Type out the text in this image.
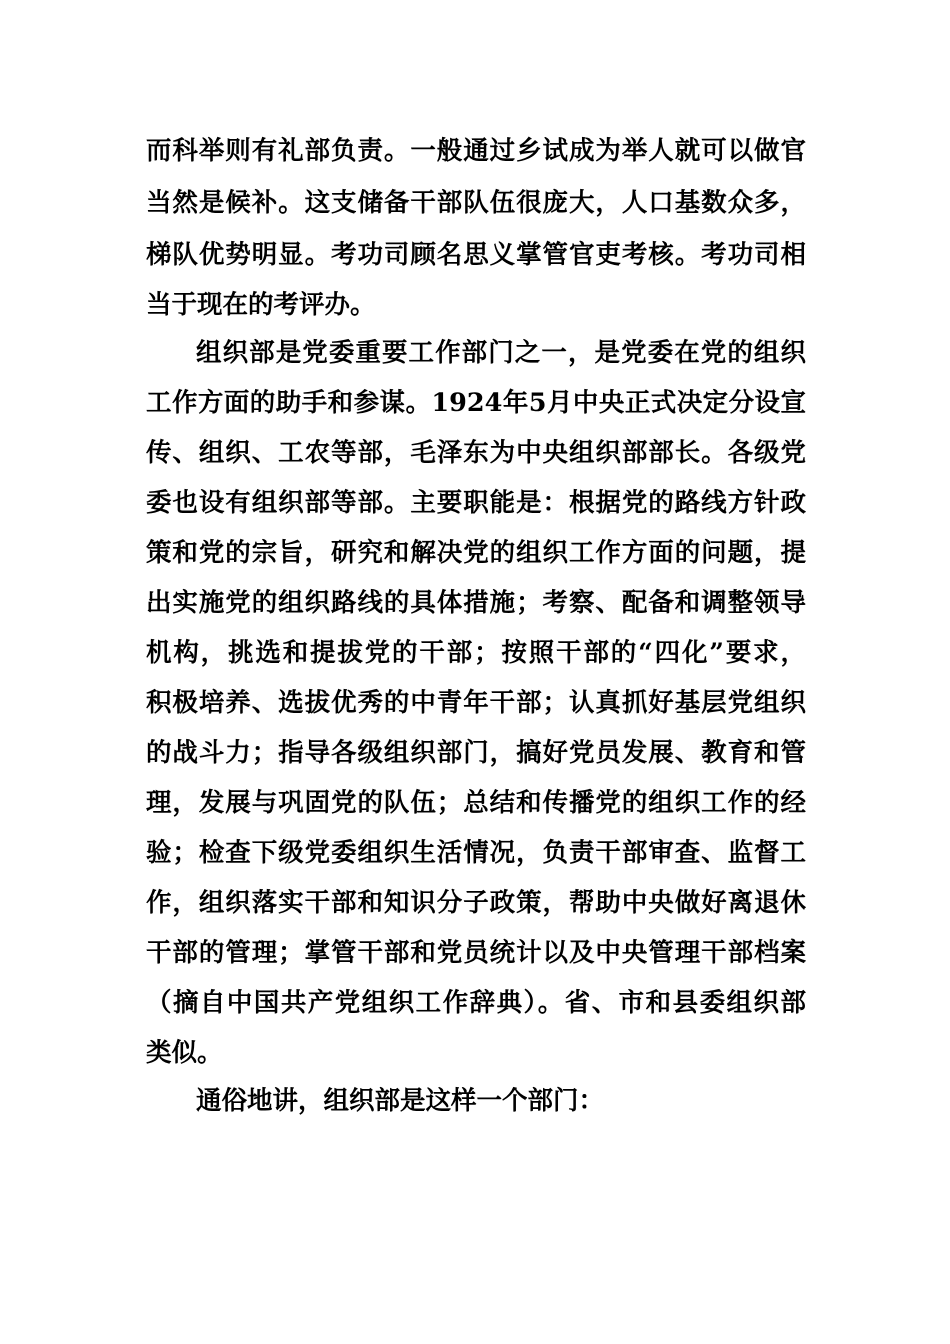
而科举则有礼部负责。一般通过乡试成为举人就可以做官
当然是候补。这支储备干部队伍很庞大，人口基数众多，
梯队优势明显。考功司顾名思义掌管官吏考核。考功司相
当于现在的考评办。
组织部是党委重要工作部门之一，是党委在党的组织
工作方面的助手和参谋。1924年5月中央正式决定分设宣
传、组织、工农等部，毛泽东为中央组织部部长。各级党
委也设有组织部等部。主要职能是：根据党的路线方针政
策和党的宗旨，研究和解决党的组织工作方面的问题，提
出实施党的组织路线的具体措施；考察、配备和调整领导
机构，挑选和提拔党的干部；按照干部的“四化”要求，
积极培养、选拔优秀的中青年干部；认真抓好基层党组织
的战斗力；指导各级组织部门，搞好党员发展、教育和管
理，发展与巩固党的队伍；总结和传播党的组织工作的经
验；检查下级党委组织生活情况，负责干部审查、监督工
作，组织落实干部和知识分子政策，帮助中央做好离退休
干部的管理；掌管干部和党员统计以及中央管理干部档案
（摘自中国共产党组织工作辞典）。省、市和县委组织部
类似。
通俗地讲，组织部是这样一个部门：
